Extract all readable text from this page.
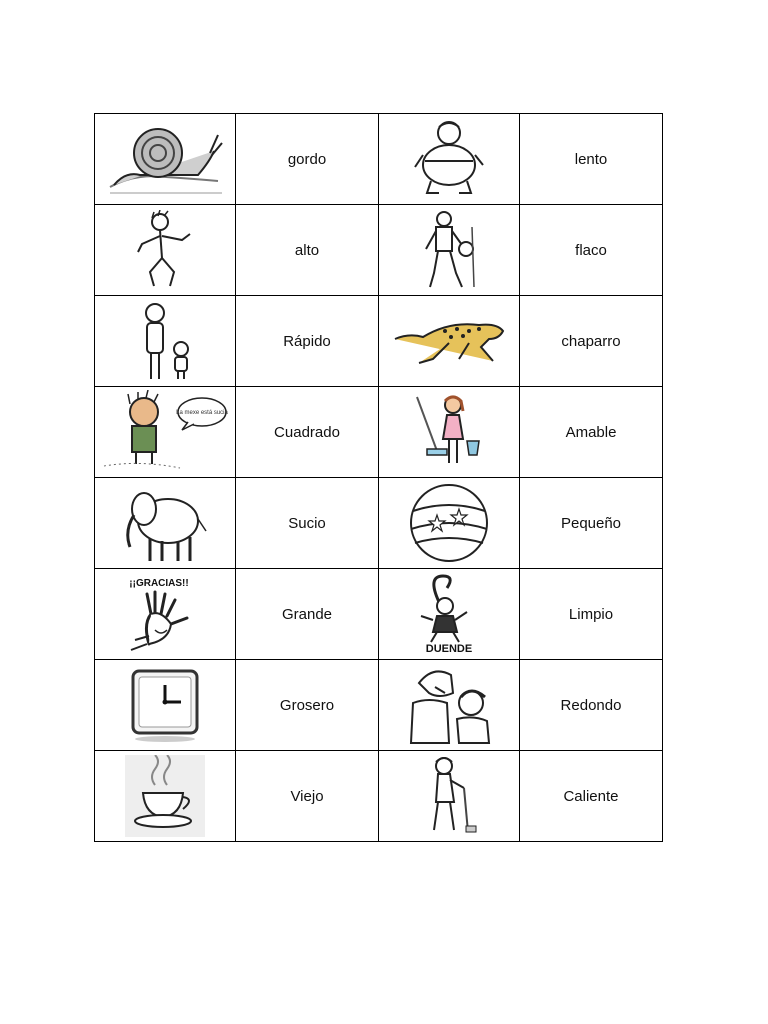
	gordo		lento

	alto		flaco

	Rápido		chaparro

La mexe está sucia	Cuadrado		Amable

	Sucio		Pequeño

¡¡GRACIAS!!	Grande	DUENDE	Limpio

	Grosero		Redondo

	Viejo		Caliente
